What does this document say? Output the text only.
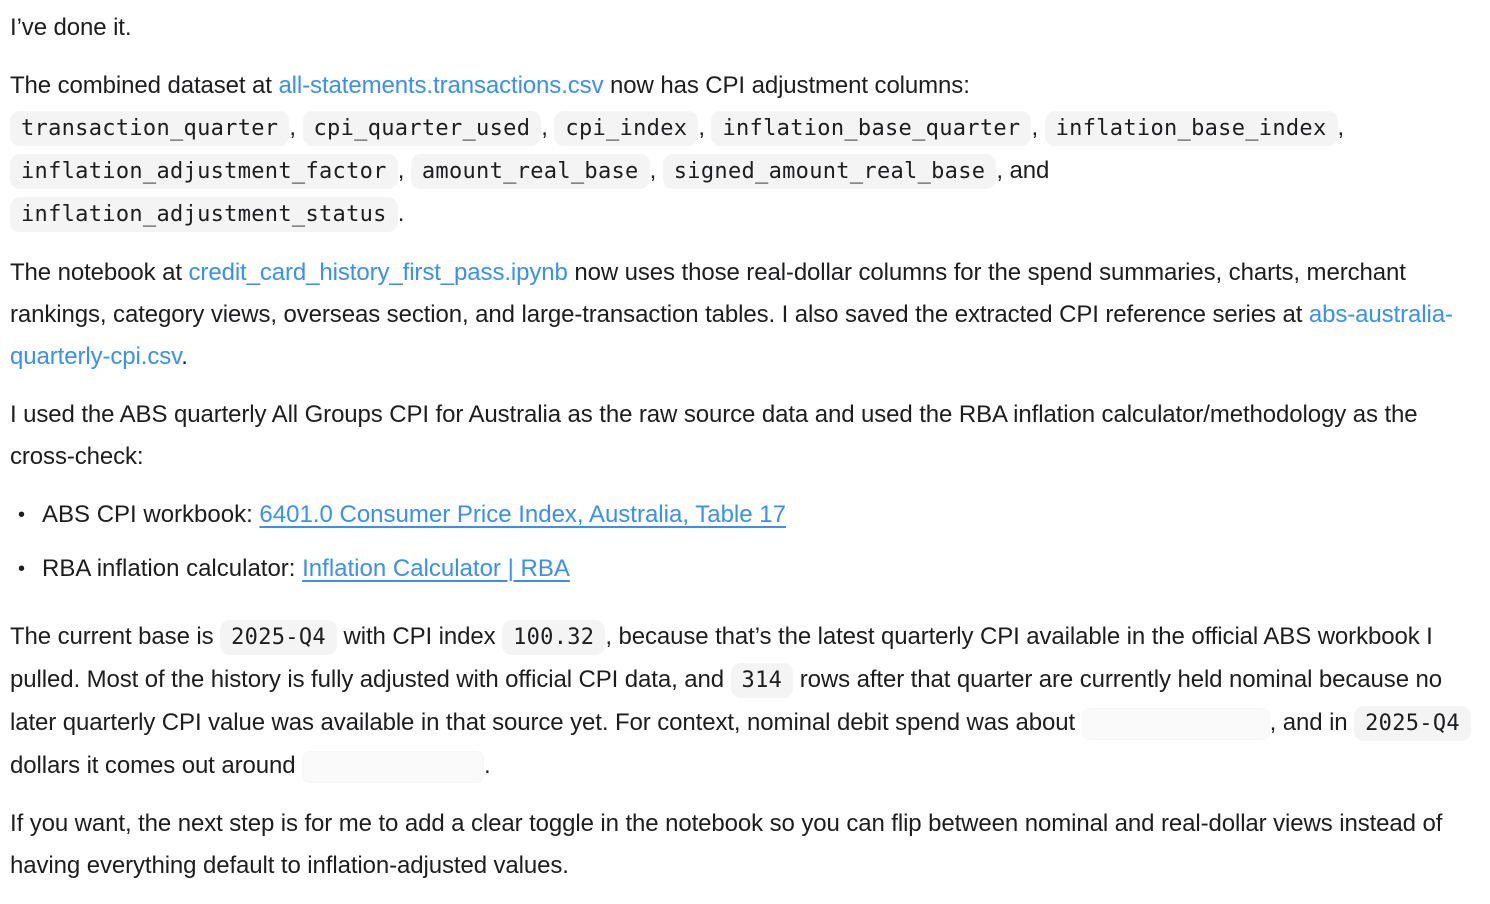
I’ve done it.

The combined dataset at all-statements.transactions.csv now has CPI adjustment columns:
transaction_quarter , cpi_quarter_used , cpi_index , inflation_base_quarter , inflation_base_index ,
inflation_adjustment_factor , amount_real_base , signed_amount_real_base , and
inflation_adjustment_status .

The notebook at credit_card_history_first_pass.ipynb now uses those real-dollar columns for the spend summaries, charts, merchant rankings, category views, overseas section, and large-transaction tables. I also saved the extracted CPI reference series at abs-australia-quarterly-cpi.csv.

I used the ABS quarterly All Groups CPI for Australia as the raw source data and used the RBA inflation calculator/methodology as the cross-check:

• ABS CPI workbook: 6401.0 Consumer Price Index, Australia, Table 17
• RBA inflation calculator: Inflation Calculator | RBA

The current base is 2025-Q4 with CPI index 100.32 , because that’s the latest quarterly CPI available in the official ABS workbook I pulled. Most of the history is fully adjusted with official CPI data, and 314 rows after that quarter are currently held nominal because no later quarterly CPI value was available in that source yet. For context, nominal debit spend was about	, and in 2025-Q4 dollars it comes out around	.

If you want, the next step is for me to add a clear toggle in the notebook so you can flip between nominal and real-dollar views instead of having everything default to inflation-adjusted values.
